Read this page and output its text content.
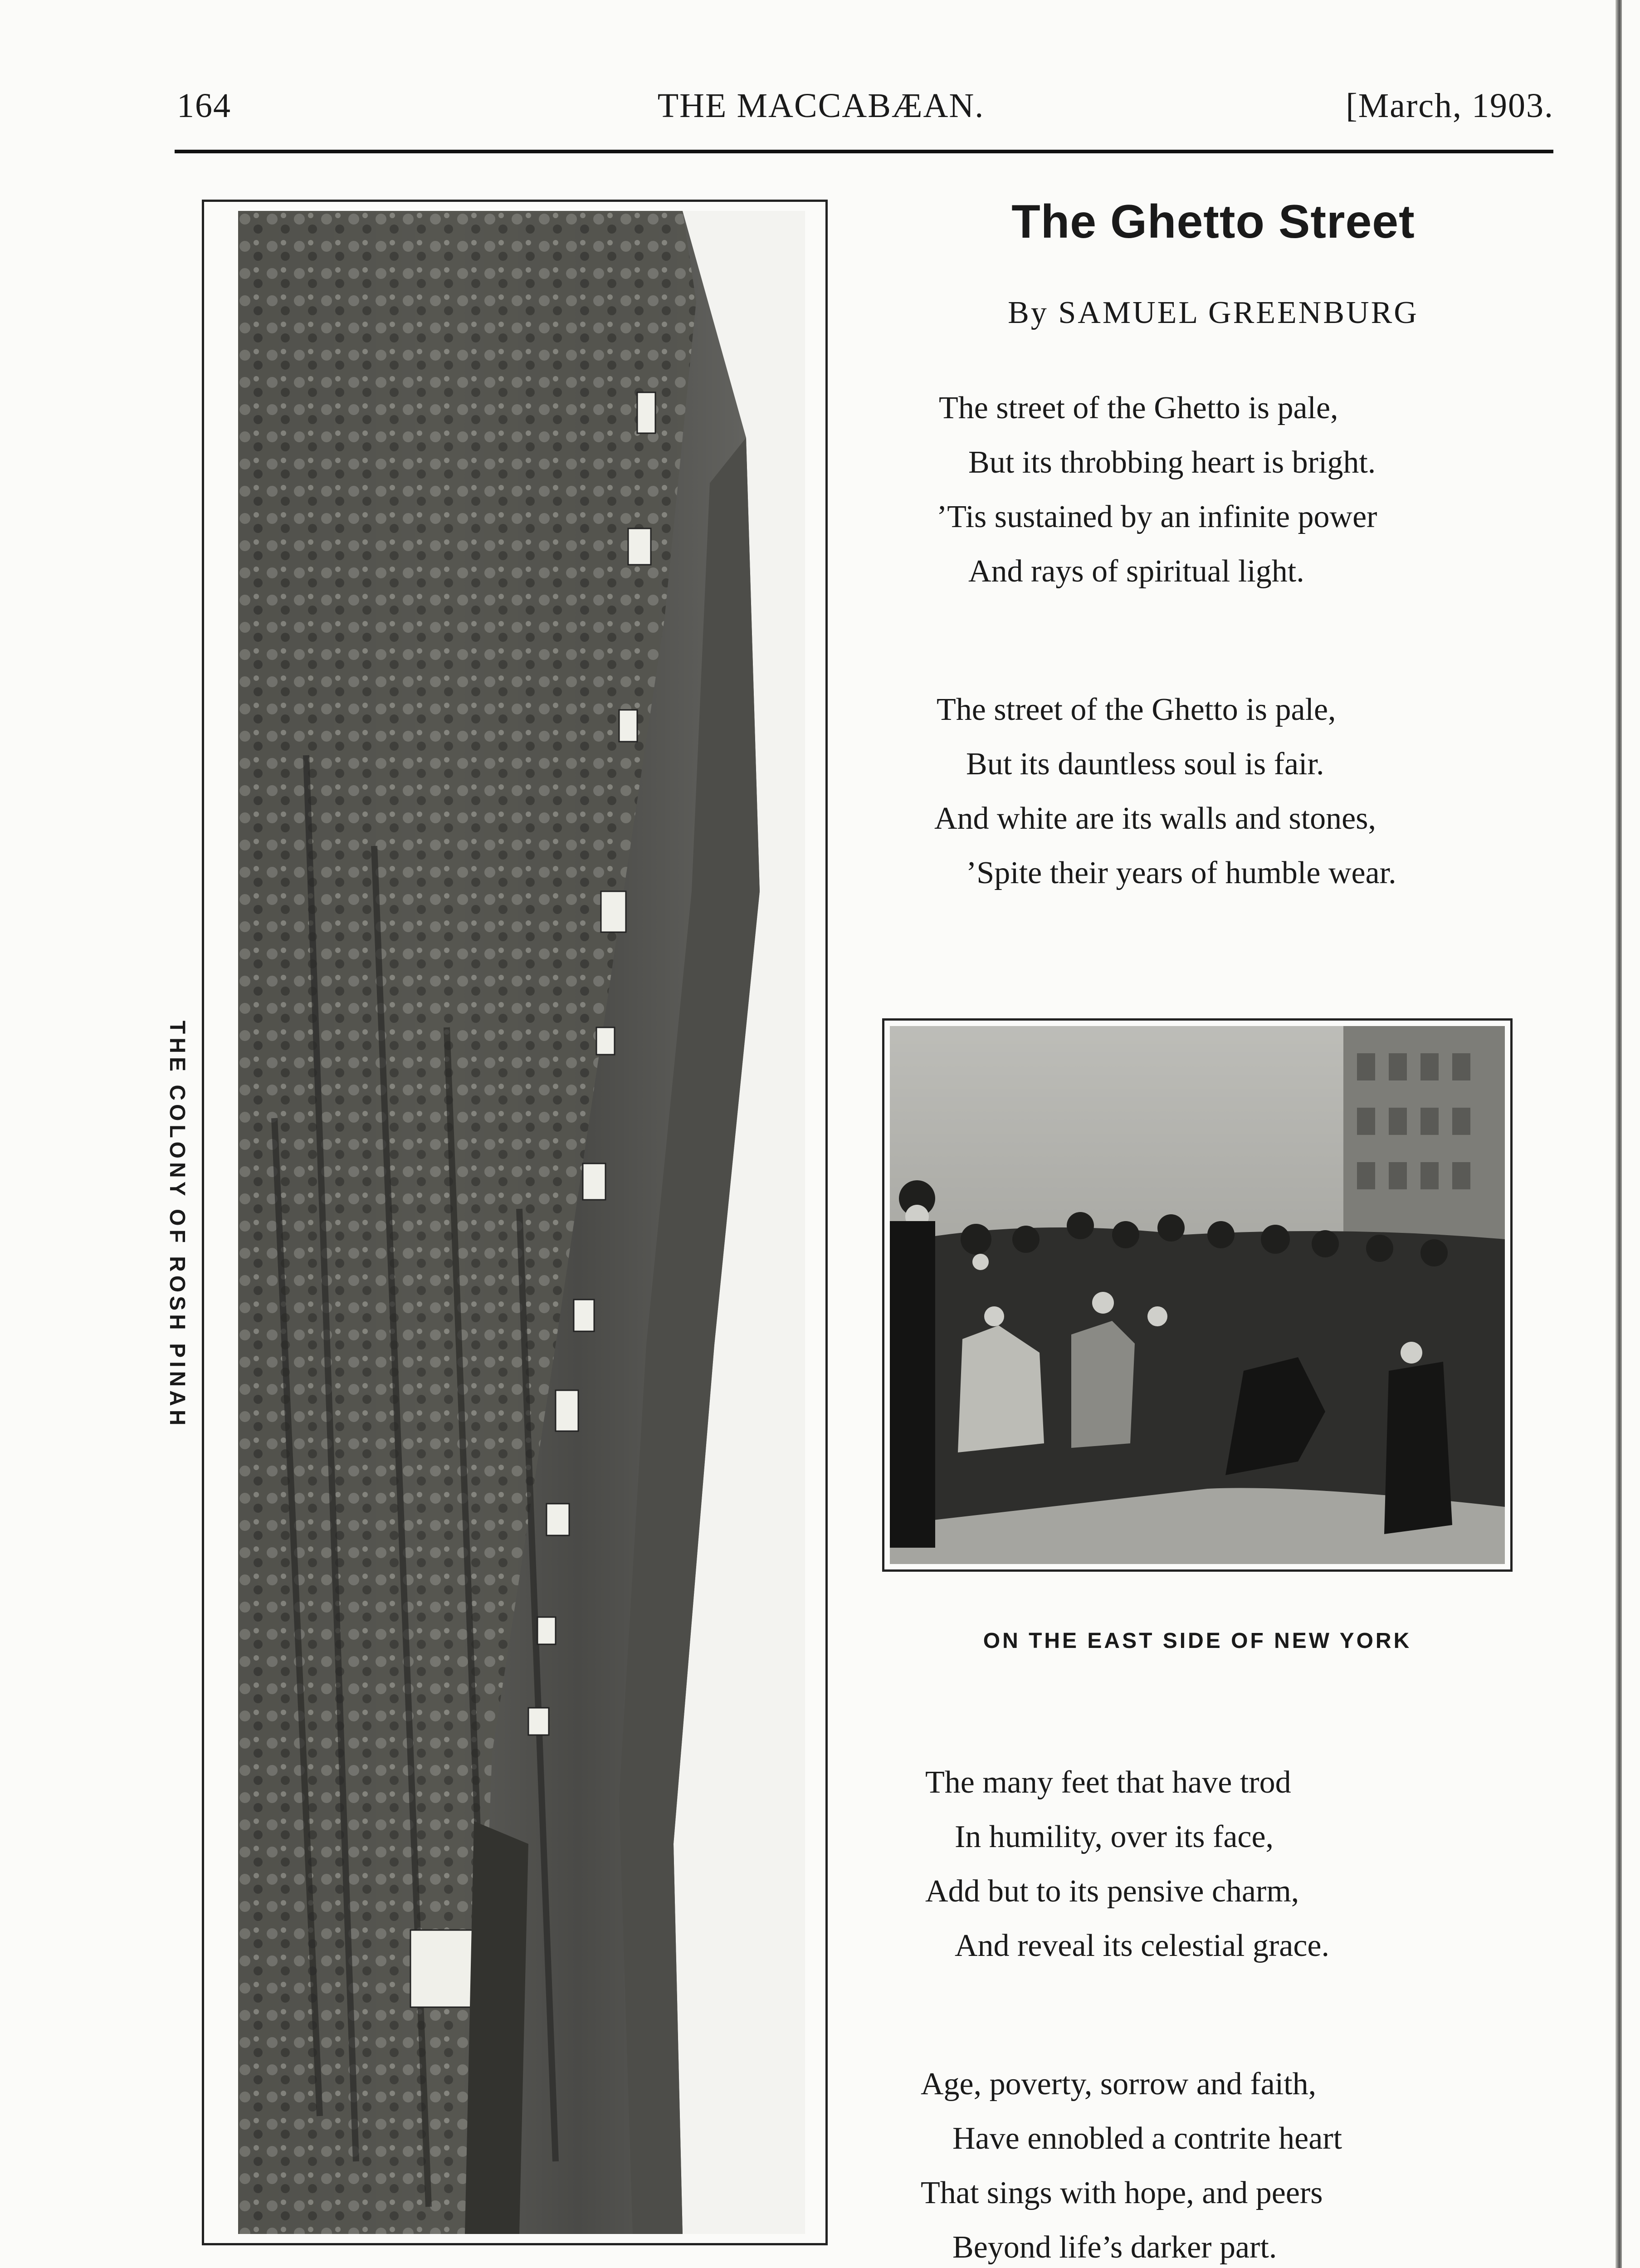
164	THE MACCABÆAN.	[March, 1903.
THE COLONY OF ROSH PINAH
The Ghetto Street
By SAMUEL GREENBURG
The street of the Ghetto is pale,
But its throbbing heart is bright.
’Tis sustained by an infinite power
And rays of spiritual light.
The street of the Ghetto is pale,
But its dauntless soul is fair.
And white are its walls and stones,
’Spite their years of humble wear.
ON THE EAST SIDE OF NEW YORK
The many feet that have trod
In humility, over its face,
Add but to its pensive charm,
And reveal its celestial grace.
Age, poverty, sorrow and faith,
Have ennobled a contrite heart
That sings with hope, and peers
Beyond life’s darker part.
